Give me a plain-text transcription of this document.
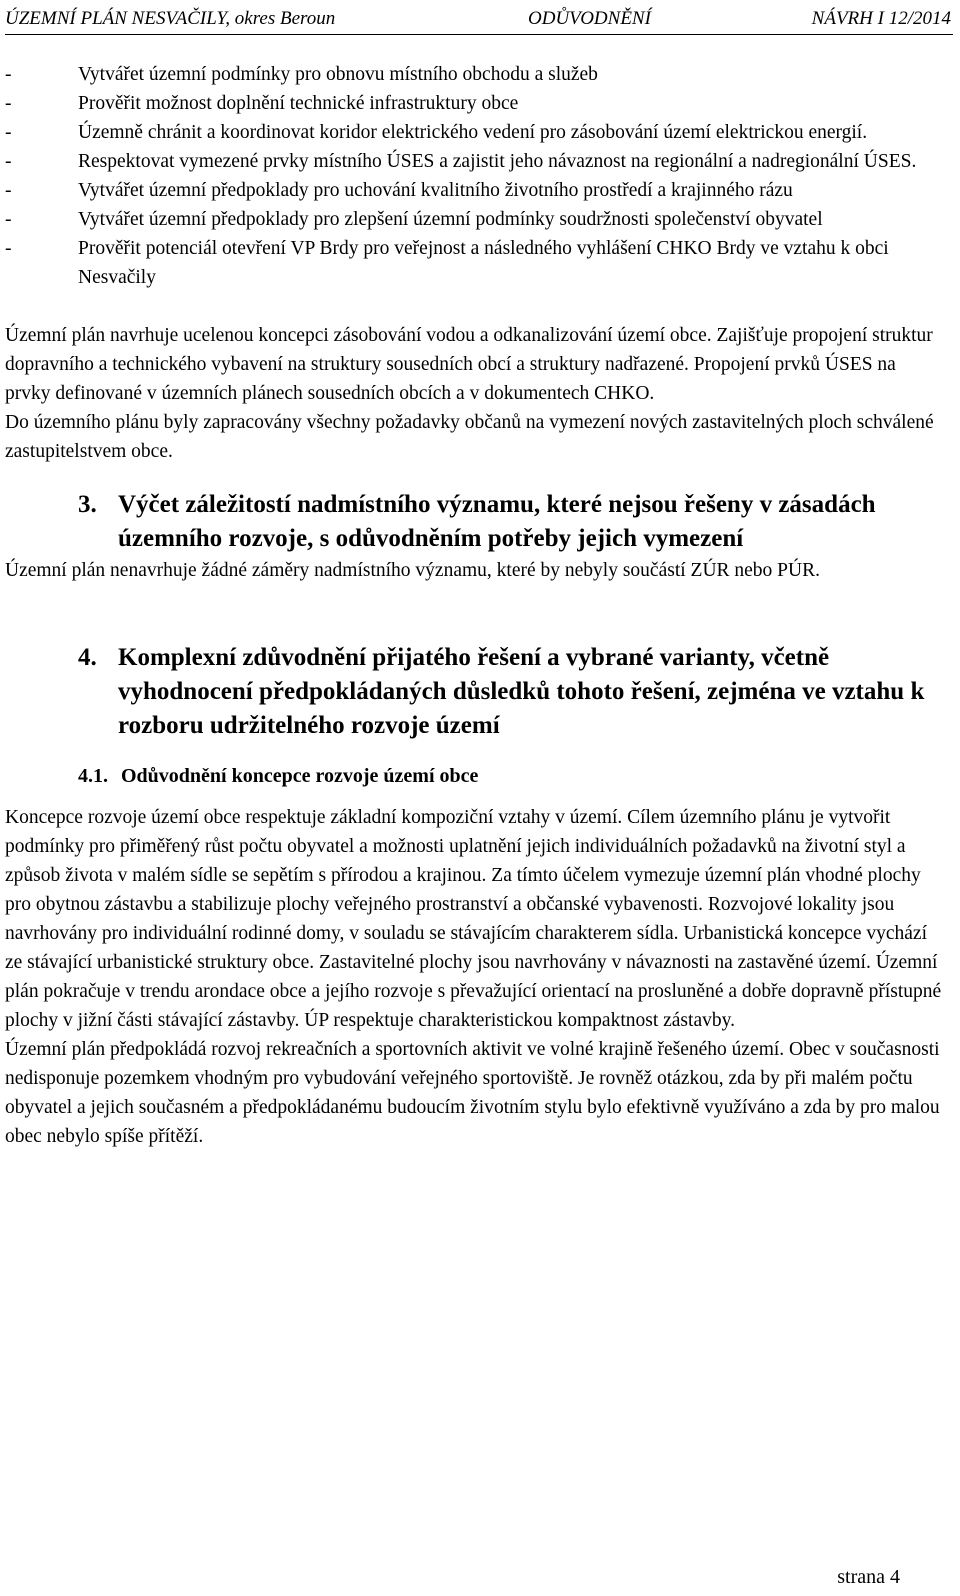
ÚZEMNÍ PLÁN NESVAČILY, okres Beroun	ODŮVODNĚNÍ	NÁVRH I 12/2014
-	Vytvářet územní podmínky pro obnovu místního obchodu a služeb
-	Prověřit možnost doplnění technické infrastruktury obce
-	Územně chránit a koordinovat koridor elektrického vedení pro zásobování území elektrickou energií.
-	Respektovat vymezené prvky místního ÚSES a zajistit jeho návaznost na regionální a nadregionální ÚSES.
-	Vytvářet územní předpoklady pro uchování kvalitního životního prostředí a krajinného rázu
-	Vytvářet územní předpoklady pro zlepšení územní podmínky soudržnosti společenství obyvatel
-	Prověřit potenciál otevření VP Brdy pro veřejnost a následného vyhlášení CHKO Brdy ve vztahu k obci Nesvačily

Územní plán navrhuje ucelenou koncepci zásobování vodou a odkanalizování území obce. Zajišťuje propojení struktur dopravního a technického vybavení na struktury sousedních obcí a struktury nadřazené. Propojení prvků ÚSES na prvky definované v územních plánech sousedních obcích a v dokumentech CHKO.

Do územního plánu byly zapracovány všechny požadavky občanů na vymezení nových zastavitelných ploch schválené zastupitelstvem obce.

3. Výčet záležitostí nadmístního významu, které nejsou řešeny v zásadách územního rozvoje, s odůvodněním potřeby jejich vymezení

Územní plán nenavrhuje žádné záměry nadmístního významu, které by nebyly součástí ZÚR nebo PÚR.

4. Komplexní zdůvodnění přijatého řešení a vybrané varianty, včetně vyhodnocení předpokládaných důsledků tohoto řešení, zejména ve vztahu k rozboru udržitelného rozvoje území
4.1. Odůvodnění koncepce rozvoje území obce

Koncepce rozvoje území obce respektuje základní kompoziční vztahy v území. Cílem územního plánu je vytvořit podmínky pro přiměřený růst počtu obyvatel a možnosti uplatnění jejich individuálních požadavků na životní styl a způsob života v malém sídle se sepětím s přírodou a krajinou. Za tímto účelem vymezuje územní plán vhodné plochy pro obytnou zástavbu a stabilizuje plochy veřejného prostranství a občanské vybavenosti. Rozvojové lokality jsou navrhovány pro individuální rodinné domy, v souladu se stávajícím charakterem sídla. Urbanistická koncepce vychází ze stávající urbanistické struktury obce. Zastavitelné plochy jsou navrhovány v návaznosti na zastavěné území. Územní plán pokračuje v trendu arondace obce a jejího rozvoje s převažující orientací na prosluněné a dobře dopravně přístupné plochy v jižní části stávající zástavby. ÚP respektuje charakteristickou kompaktnost zástavby.

Územní plán předpokládá rozvoj rekreačních a sportovních aktivit ve volné krajině řešeného území. Obec v současnosti nedisponuje pozemkem vhodným pro vybudování veřejného sportoviště. Je rovněž otázkou, zda by při malém počtu obyvatel a jejich současném a předpokládanému budoucím životním stylu bylo efektivně využíváno a zda by pro malou obec nebylo spíše přítěží.

strana 4
